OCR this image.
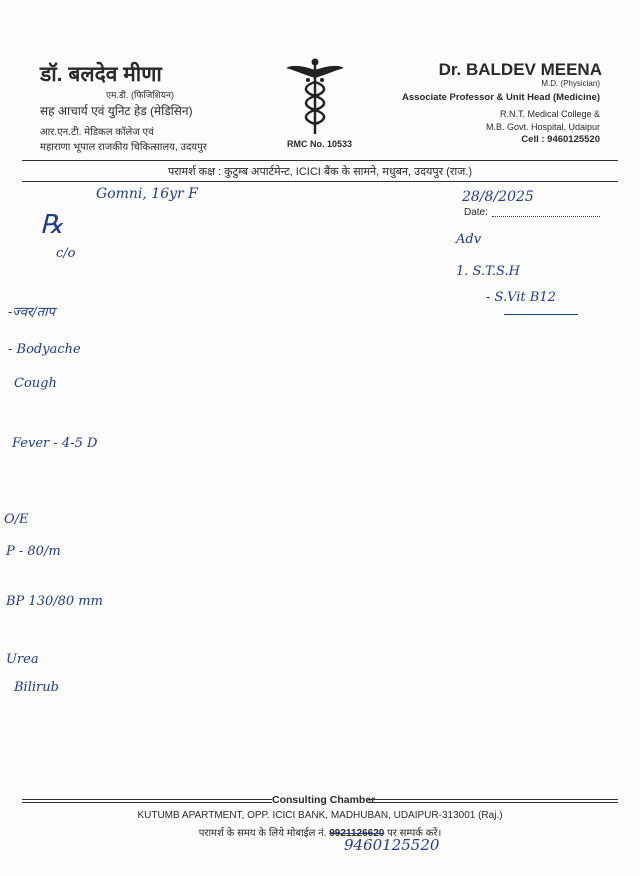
डॉ. बलदेव मीणा
एम.डी. (फिजिशियन)
सह आचार्य एवं युनिट हेड (मेडिसिन)
आर.एन.टी. मेडिकल कॉलेज एवं
महाराणा भूपाल राजकीय चिकित्सालय, उदयपुर	RMC No. 10533
Dr. BALDEV MEENA
M.D. (Physician)
Associate Professor & Unit Head (Medicine)
R.N.T. Medical College &
M.B. Govt. Hospital, Udaipur
Cell : 9460125520
परामर्श कक्ष : कुटुम्ब अपार्टमेन्ट, ICICI बैंक के सामने, मधुबन, उदयपुर (राज.)
Date:
℞
Gomni, 16yr F	28/8/2025
c/o
-ज्वर/ताप
- Bodyache
Cough
Fever - 4-5 D
O/E
P - 80/m
BP 130/80 mm
Urea
Bilirub
Adv
1. S.T.S.H
- S.Vit B12
Consulting Chamber
KUTUMB APARTMENT, OPP. ICICI BANK, MADHUBAN, UDAIPUR-313001 (Raj.)
परामर्श के समय के लिये मोबाईल नं. 9921126620 पर सम्पर्क करें।
9460125520
